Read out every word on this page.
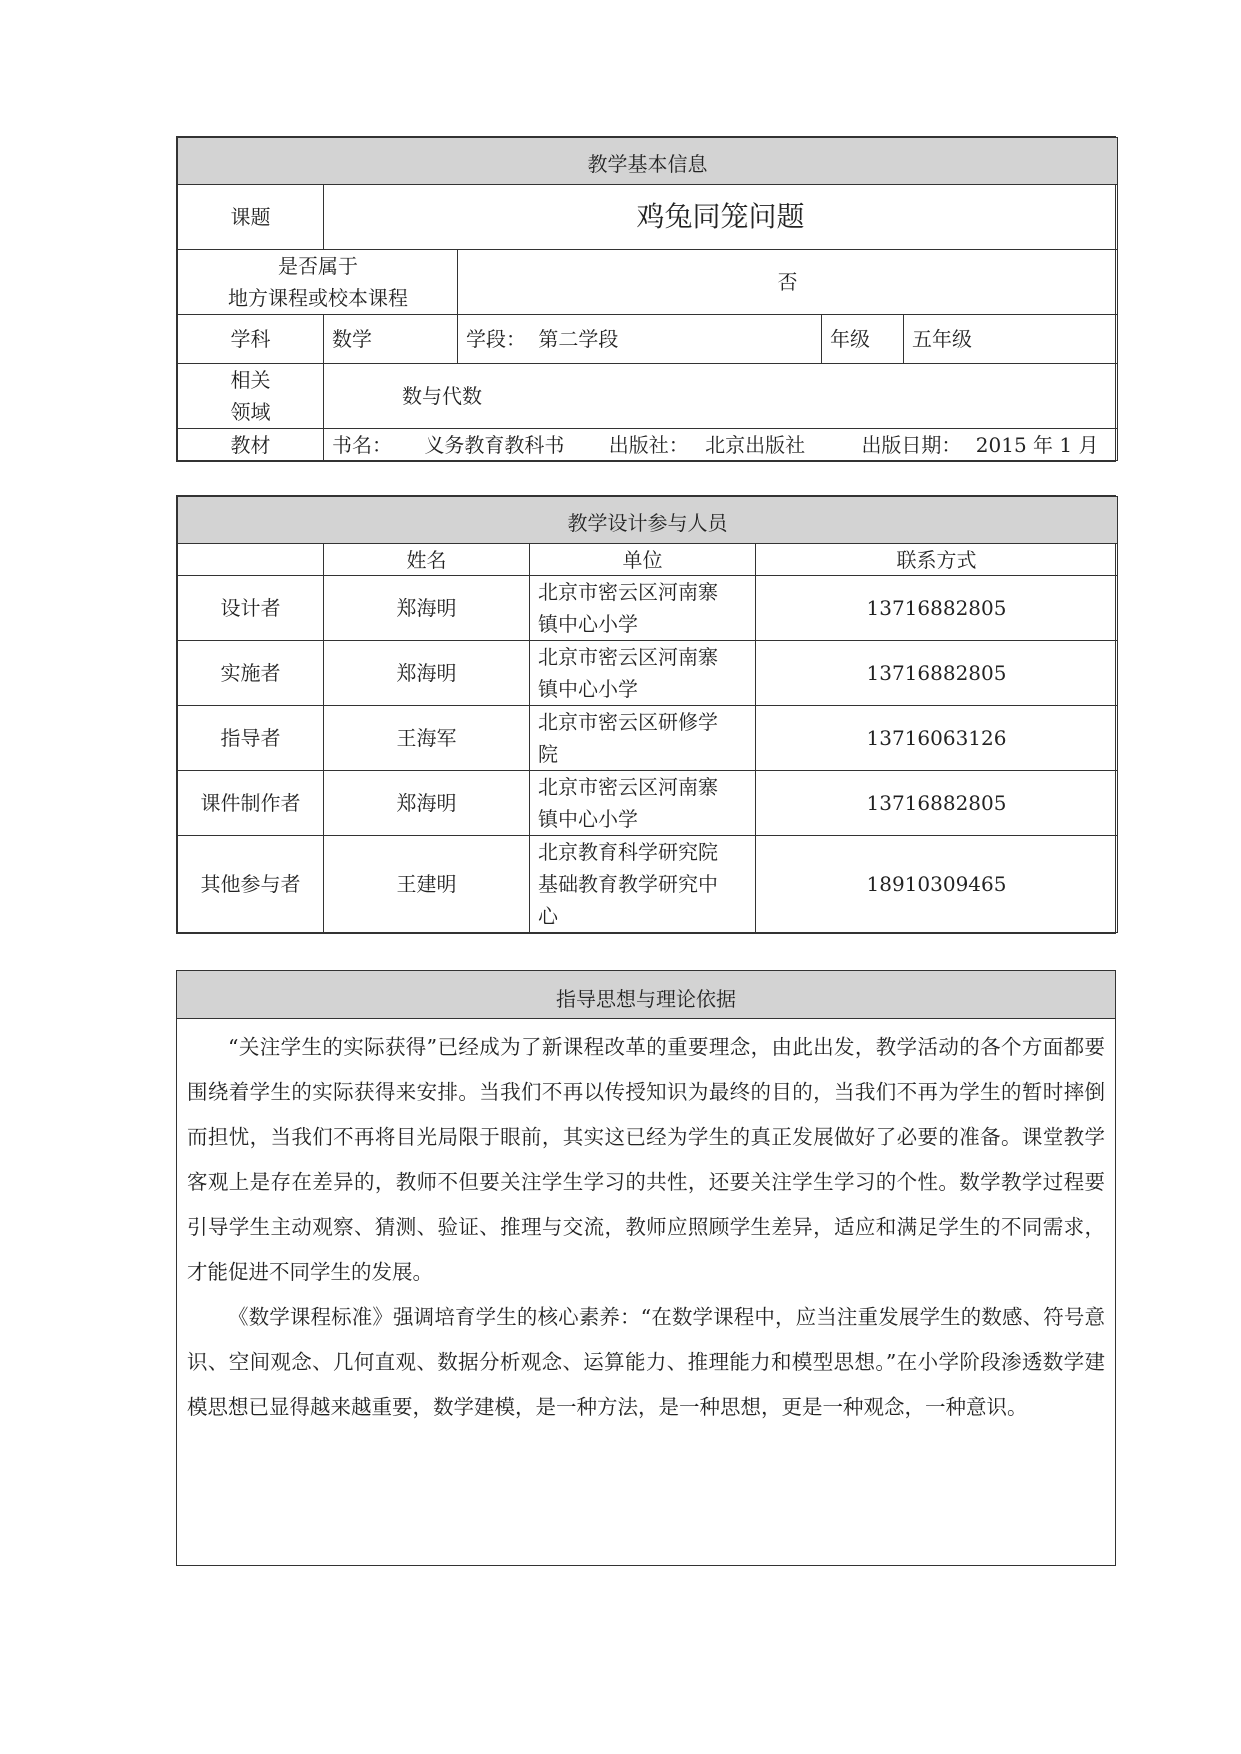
教学基本信息				
课题	鸡兔同笼问题			

是否属于
地方课程或校本课程		否		
学科	数学	学段： 第二学段	年级	五年级

相关
领域	数与代数			
教材	书名： 义务教育教科书 出版社： 北京出版社 出版日期： 2015 年 1 月			
教学设计参与人员			
	姓名	单位	联系方式
设计者	郑海明	北京市密云区河南寨
镇中心小学	13716882805
实施者	郑海明	北京市密云区河南寨
镇中心小学	13716882805
指导者	王海军	北京市密云区研修学
院	13716063126
课件制作者	郑海明	北京市密云区河南寨
镇中心小学	13716882805
其他参与者	王建明	北京教育科学研究院
基础教育教学研究中
心	18910309465
指导思想与理论依据

“关注学生的实际获得”已经成为了新课程改革的重要理念，由此出发，教学活动的各个方面都要围绕着学生的实际获得来安排。当我们不再以传授知识为最终的目的，当我们不再为学生的暂时摔倒而担忧，当我们不再将目光局限于眼前，其实这已经为学生的真正发展做好了必要的准备。课堂教学客观上是存在差异的，教师不但要关注学生学习的共性，还要关注学生学习的个性。数学教学过程要引导学生主动观察、猜测、验证、推理与交流，教师应照顾学生差异，适应和满足学生的不同需求，才能促进不同学生的发展。

《数学课程标准》强调培育学生的核心素养：“在数学课程中，应当注重发展学生的数感、符号意识、空间观念、几何直观、数据分析观念、运算能力、推理能力和模型思想。”在小学阶段渗透数学建模思想已显得越来越重要，数学建模，是一种方法，是一种思想，更是一种观念，一种意识。
